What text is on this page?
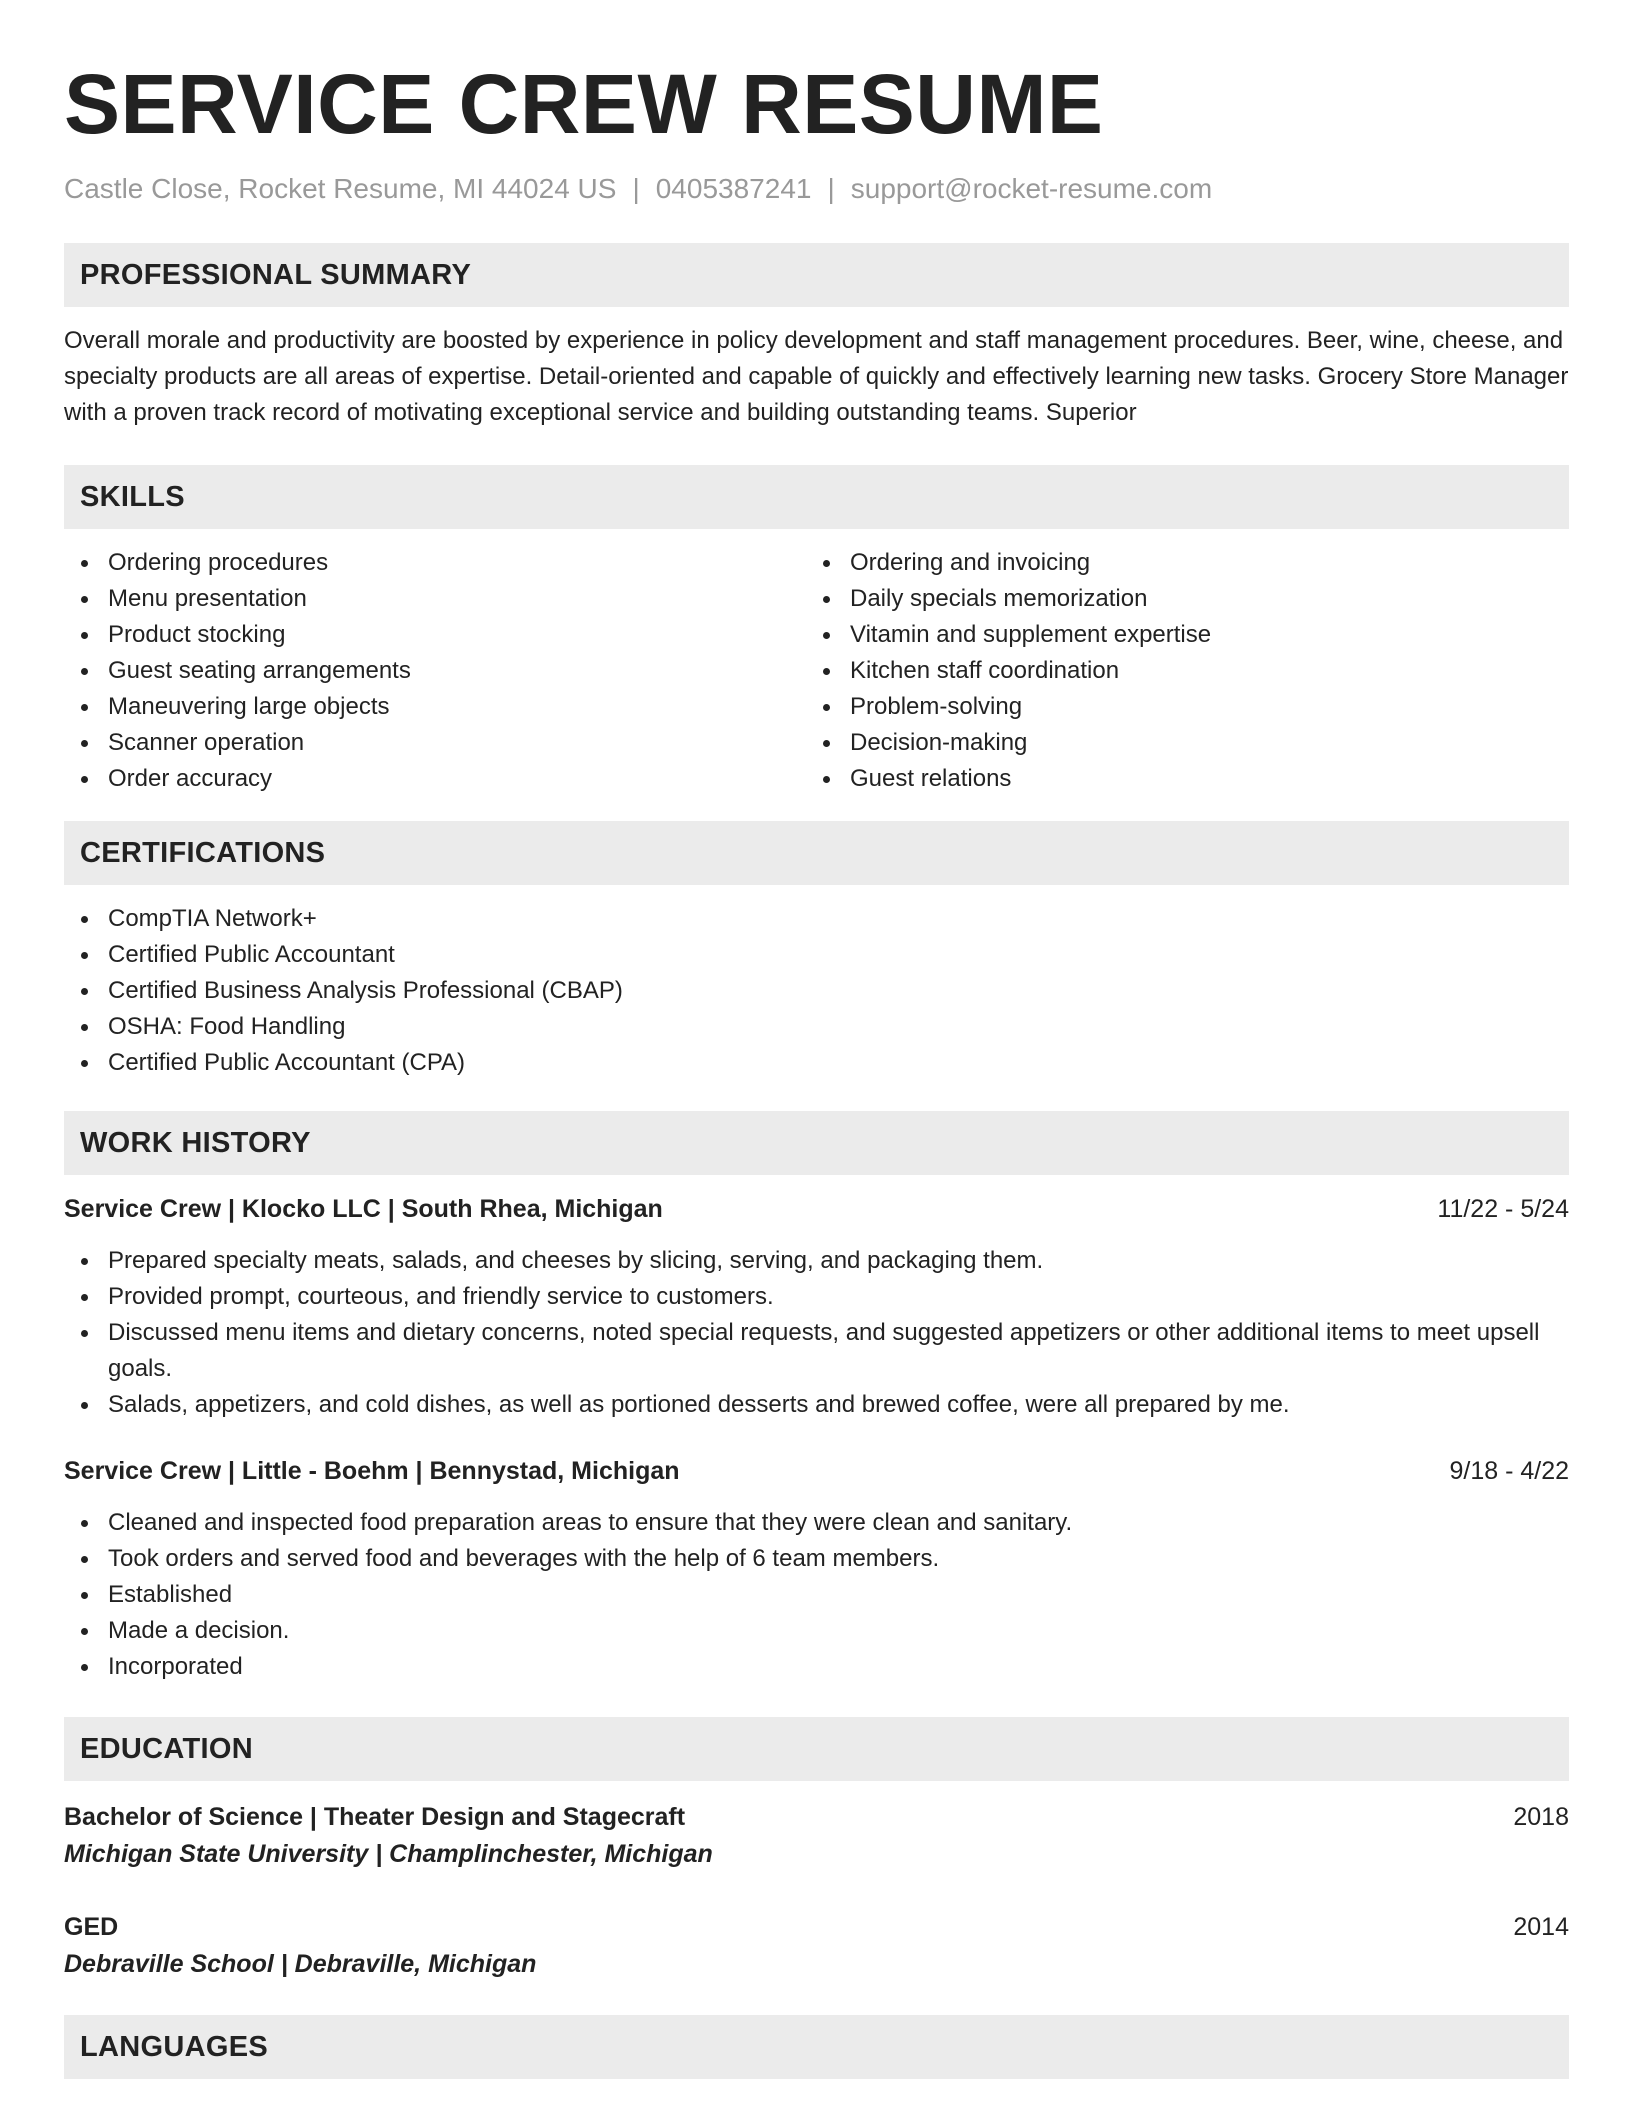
SERVICE CREW RESUME
Castle Close, Rocket Resume, MI 44024 US | 0405387241 | support@rocket-resume.com
PROFESSIONAL SUMMARY

Overall morale and productivity are boosted by experience in policy development and staff management procedures. Beer, wine, cheese, and specialty products are all areas of expertise. Detail-oriented and capable of quickly and effectively learning new tasks. Grocery Store Manager with a proven track record of motivating exceptional service and building outstanding teams. Superior

SKILLS
Ordering procedures
Menu presentation
Product stocking
Guest seating arrangements
Maneuvering large objects
Scanner operation
Order accuracy
Ordering and invoicing
Daily specials memorization
Vitamin and supplement expertise
Kitchen staff coordination
Problem-solving
Decision-making
Guest relations
CERTIFICATIONS
CompTIA Network+
Certified Public Accountant
Certified Business Analysis Professional (CBAP)
OSHA: Food Handling
Certified Public Accountant (CPA)
WORK HISTORY
Service Crew | Klocko LLC | South Rhea, Michigan	11/22 - 5/24
Prepared specialty meats, salads, and cheeses by slicing, serving, and packaging them.
Provided prompt, courteous, and friendly service to customers.
Discussed menu items and dietary concerns, noted special requests, and suggested appetizers or other additional items to meet upsell goals.
Salads, appetizers, and cold dishes, as well as portioned desserts and brewed coffee, were all prepared by me.
Service Crew | Little - Boehm | Bennystad, Michigan	9/18 - 4/22
Cleaned and inspected food preparation areas to ensure that they were clean and sanitary.
Took orders and served food and beverages with the help of 6 team members.
Established
Made a decision.
Incorporated
EDUCATION
Bachelor of Science | Theater Design and Stagecraft	2018
Michigan State University | Champlinchester, Michigan
GED	2014
Debraville School | Debraville, Michigan
LANGUAGES
